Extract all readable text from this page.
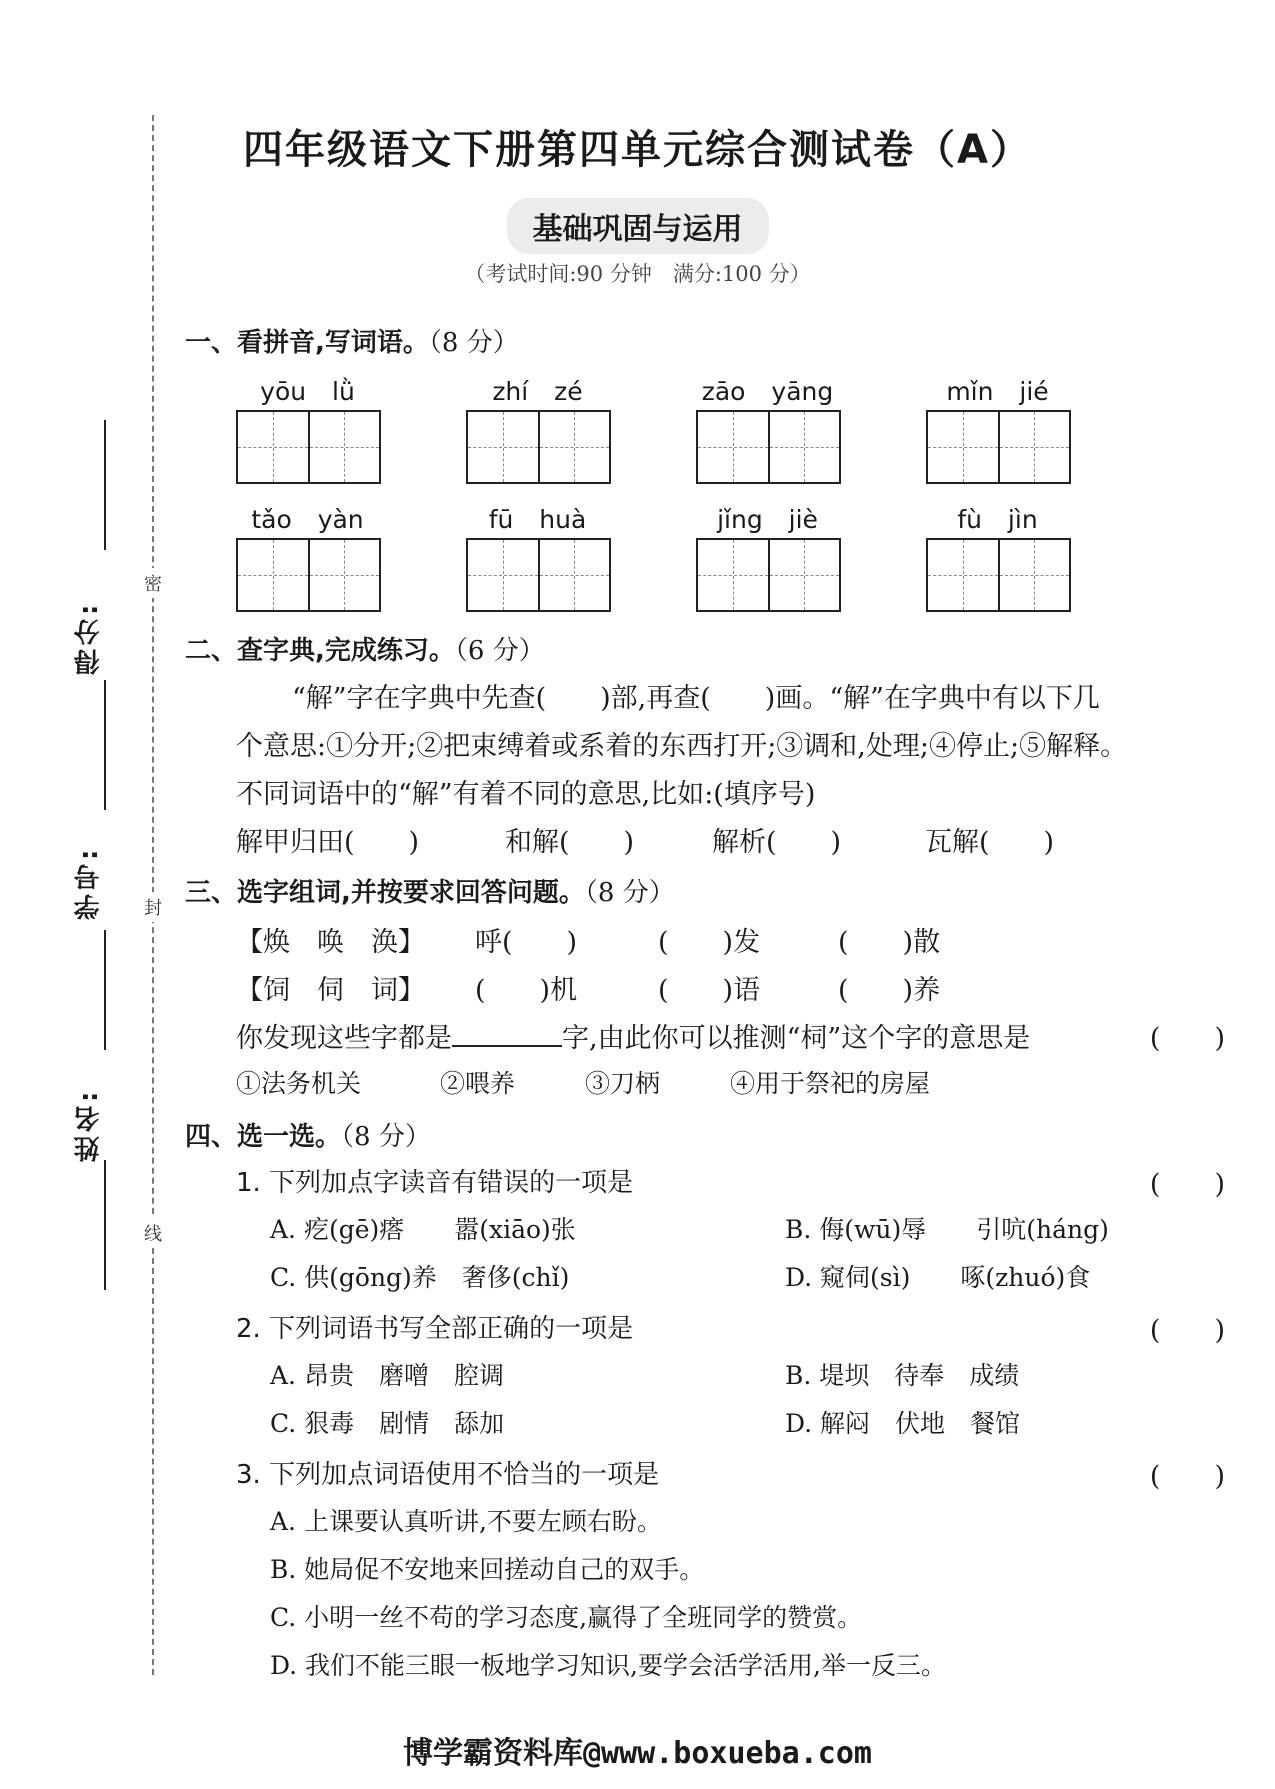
密
封
线
得分:
学号:
姓名:
四年级语文下册第四单元综合测试卷（A）
基础巩固与运用
（考试时间:90 分钟　满分:100 分）
一、看拼音,写词语。（8 分）
yōu lǜ	zhí zé	zāo yāng	mǐn jié
tǎo yàn	fū huà	jǐng jiè	fù jìn
二、查字典,完成练习。（6 分）
“解”字在字典中先查(　　)部,再查(　　)画。“解”在字典中有以下几
个意思:①分开;②把束缚着或系着的东西打开;③调和,处理;④停止;⑤解释。
不同词语中的“解”有着不同的意思,比如:(填序号)
解甲归田(　　)	和解(　　)	解析(　　)	瓦解(　　)
三、选字组词,并按要求回答问题。（8 分）
【焕　唤　涣】 呼(　　)	(　　)发	(　　)散
【饲　伺　词】 (　　)机	(　　)语	(　　)养
你发现这些字都是	字,由此你可以推测“柌”这个字的意思是	(　　)
①法务机关	②喂养	③刀柄	④用于祭祀的房屋
四、选一选。（8 分）
1. 下列加点字读音有错误的一项是	(　　)
A. 疙(gē)瘩　　嚣(xiāo)张	B. 侮(wū)辱　　引吭(háng)
C. 供(gōng)养　奢侈(chǐ)	D. 窥伺(sì)　　啄(zhuó)食
2. 下列词语书写全部正确的一项是	(　　)
A. 昂贵　磨噌　腔调	B. 堤坝　待奉　成绩
C. 狠毒　剧情　舔加	D. 解闷　伏地　餐馆
3. 下列加点词语使用不恰当的一项是	(　　)
A. 上课要认真听讲,不要左顾右盼。
B. 她局促不安地来回搓动自己的双手。
C. 小明一丝不苟的学习态度,赢得了全班同学的赞赏。
D. 我们不能三眼一板地学习知识,要学会活学活用,举一反三。
博学霸资料库@www.boxueba.com
